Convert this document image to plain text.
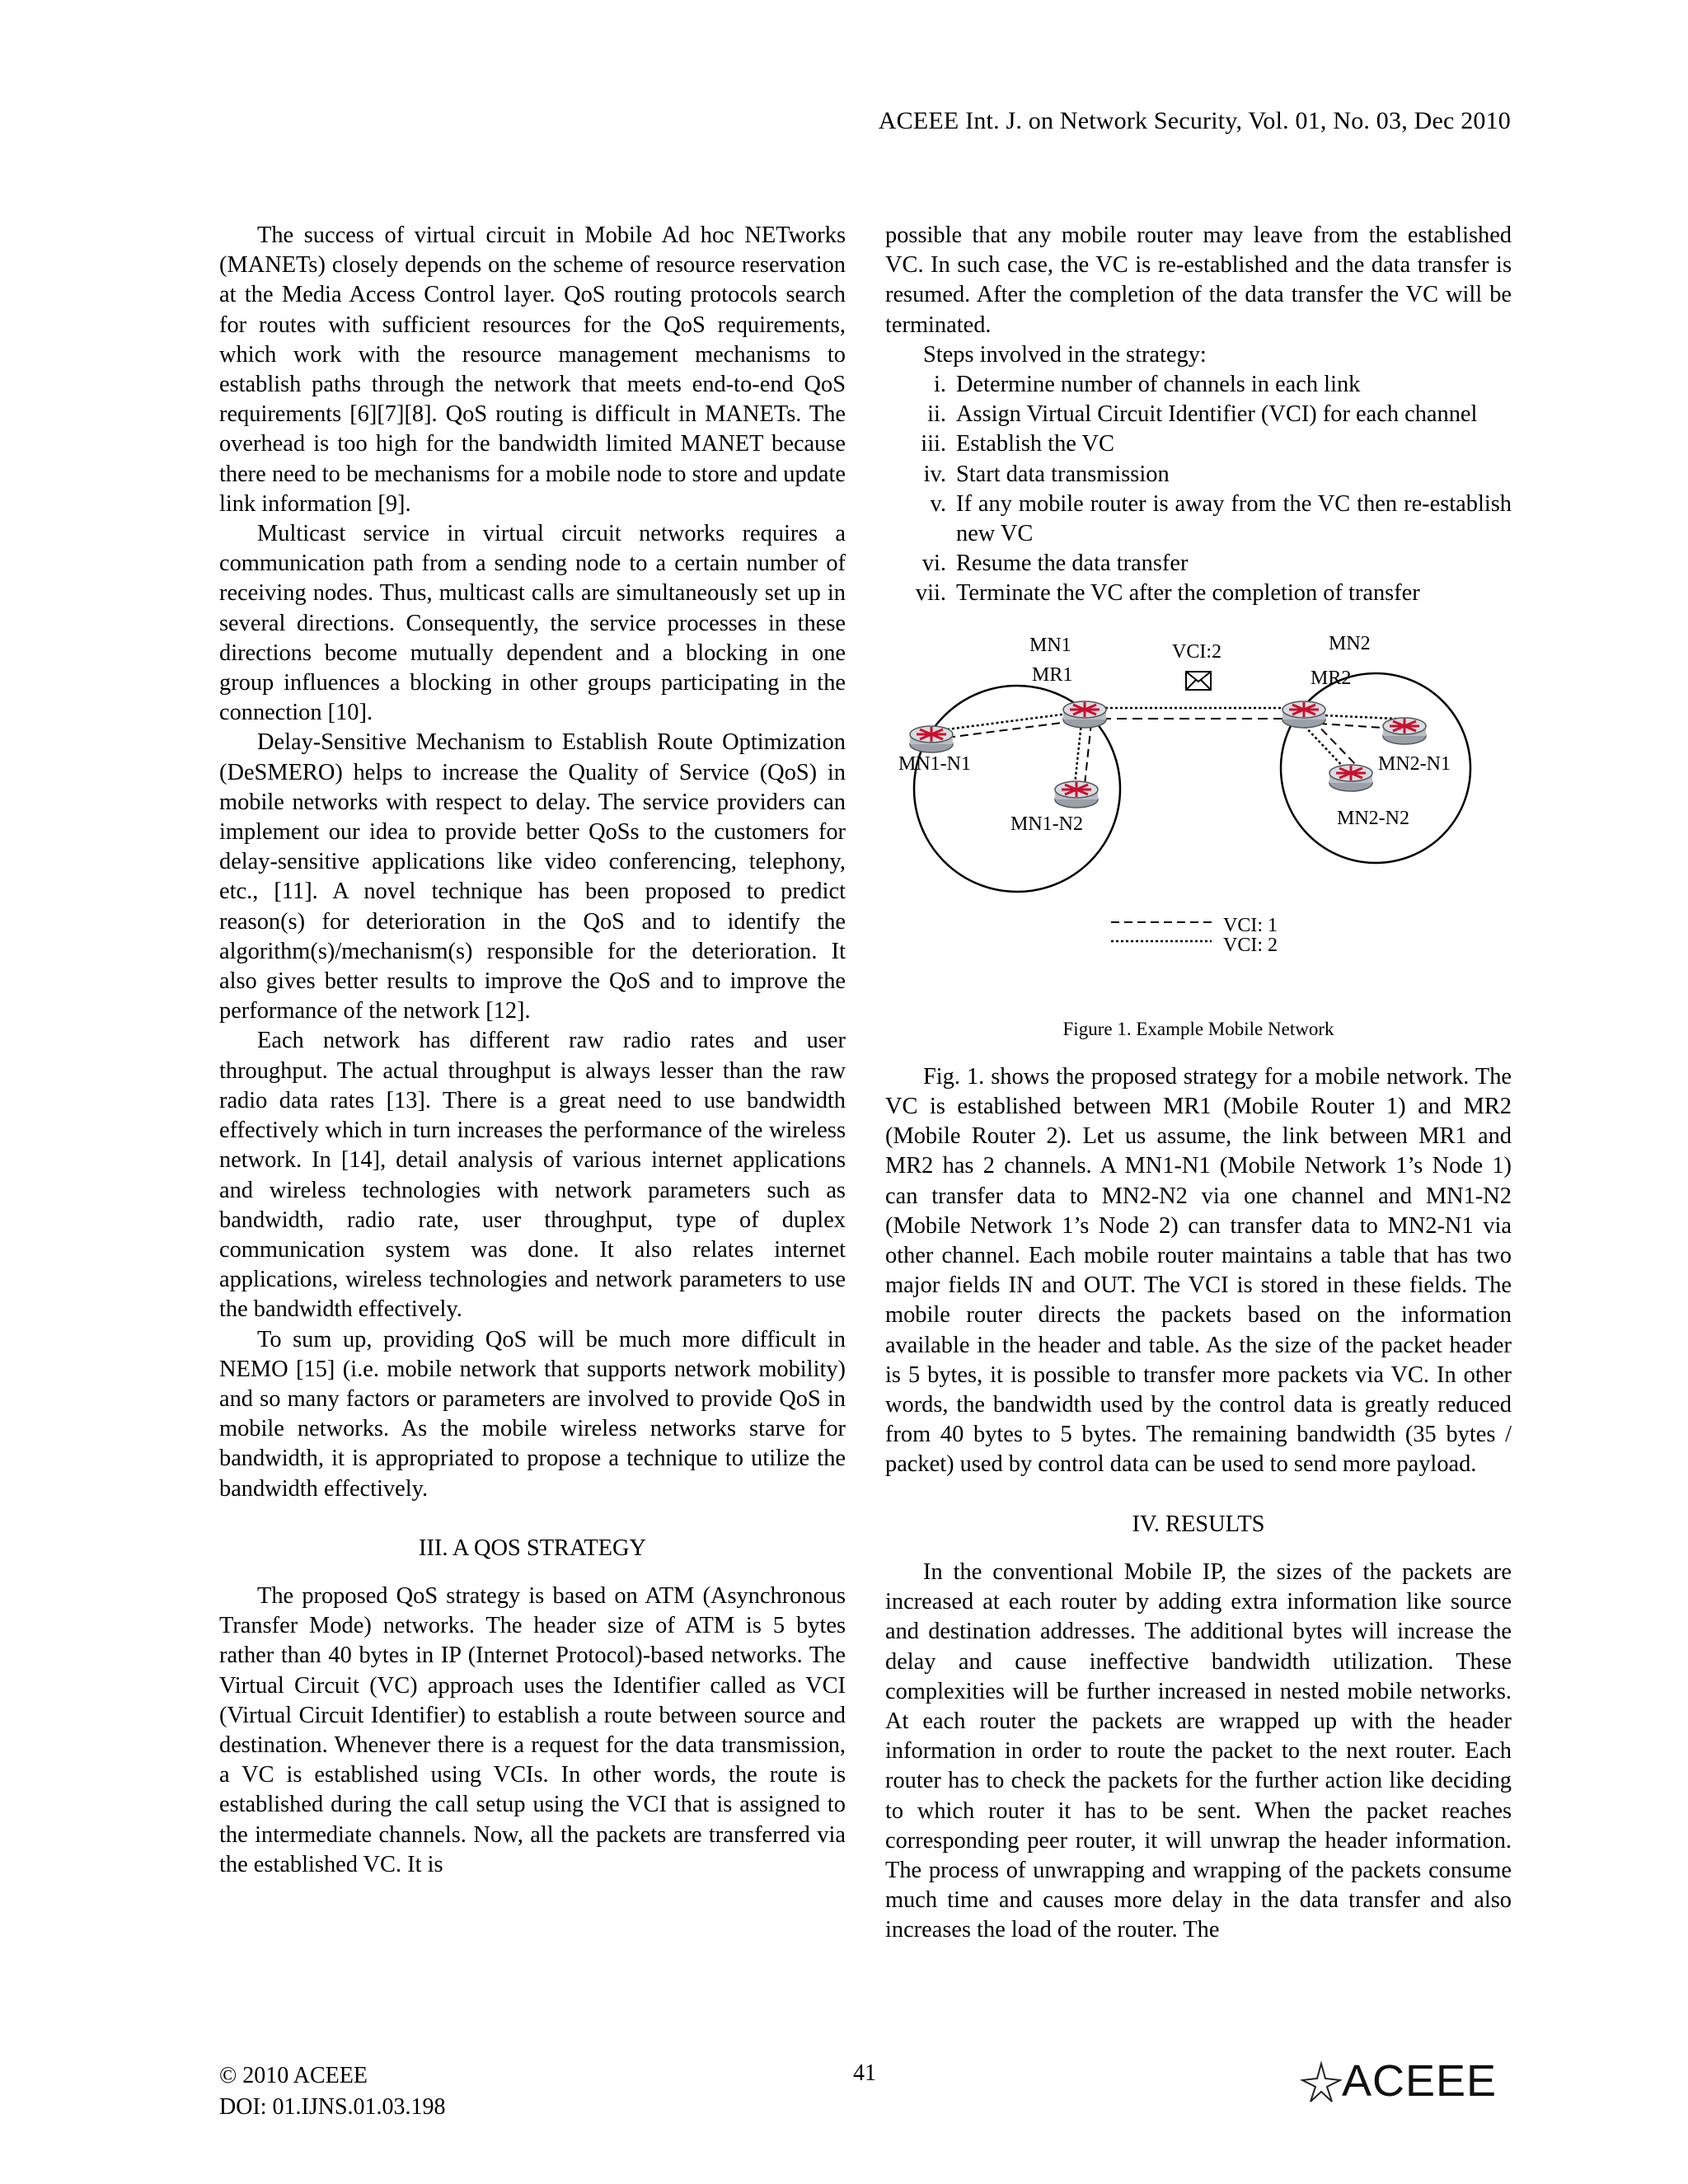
ACEEE Int. J. on Network Security, Vol. 01, No. 03, Dec 2010

The success of virtual circuit in Mobile Ad hoc NETworks (MANETs) closely depends on the scheme of resource reservation at the Media Access Control layer. QoS routing protocols search for routes with sufficient resources for the QoS requirements, which work with the resource management mechanisms to establish paths through the network that meets end-to-end QoS requirements [6][7][8]. QoS routing is difficult in MANETs. The overhead is too high for the bandwidth limited MANET because there need to be mechanisms for a mobile node to store and update link information [9].

Multicast service in virtual circuit networks requires a communication path from a sending node to a certain number of receiving nodes. Thus, multicast calls are simultaneously set up in several directions. Consequently, the service processes in these directions become mutually dependent and a blocking in one group influences a blocking in other groups participating in the connection [10].

Delay-Sensitive Mechanism to Establish Route Optimization (DeSMERO) helps to increase the Quality of Service (QoS) in mobile networks with respect to delay. The service providers can implement our idea to provide better QoSs to the customers for delay-sensitive applications like video conferencing, telephony, etc., [11]. A novel technique has been proposed to predict reason(s) for deterioration in the QoS and to identify the algorithm(s)/mechanism(s) responsible for the deterioration. It also gives better results to improve the QoS and to improve the performance of the network [12].

Each network has different raw radio rates and user throughput. The actual throughput is always lesser than the raw radio data rates [13]. There is a great need to use bandwidth effectively which in turn increases the performance of the wireless network. In [14], detail analysis of various internet applications and wireless technologies with network parameters such as bandwidth, radio rate, user throughput, type of duplex communication system was done. It also relates internet applications, wireless technologies and network parameters to use the bandwidth effectively.

To sum up, providing QoS will be much more difficult in NEMO [15] (i.e. mobile network that supports network mobility) and so many factors or parameters are involved to provide QoS in mobile networks. As the mobile wireless networks starve for bandwidth, it is appropriated to propose a technique to utilize the bandwidth effectively.

III. A QOS STRATEGY

The proposed QoS strategy is based on ATM (Asynchronous Transfer Mode) networks. The header size of ATM is 5 bytes rather than 40 bytes in IP (Internet Protocol)-based networks. The Virtual Circuit (VC) approach uses the Identifier called as VCI (Virtual Circuit Identifier) to establish a route between source and destination. Whenever there is a request for the data transmission, a VC is established using VCIs. In other words, the route is established during the call setup using the VCI that is assigned to the intermediate channels. Now, all the packets are transferred via the established VC. It is

possible that any mobile router may leave from the established VC. In such case, the VC is re-established and the data transfer is resumed. After the completion of the data transfer the VC will be terminated.

Steps involved in the strategy:

i. Determine number of channels in each link
ii. Assign Virtual Circuit Identifier (VCI) for each channel
iii. Establish the VC
iv. Start data transmission
v. If any mobile router is away from the VC then re-establish new VC
vi. Resume the data transfer
vii. Terminate the VC after the completion of transfer
MN1
MR1
VCI:2	MN2
MR2
MN1-N1
MN1-N2
MN2-N1
MN2-N2
VCI: 1
VCI: 2
Figure 1. Example Mobile Network

Fig. 1. shows the proposed strategy for a mobile network. The VC is established between MR1 (Mobile Router 1) and MR2 (Mobile Router 2). Let us assume, the link between MR1 and MR2 has 2 channels. A MN1-N1 (Mobile Network 1’s Node 1) can transfer data to MN2-N2 via one channel and MN1-N2 (Mobile Network 1’s Node 2) can transfer data to MN2-N1 via other channel. Each mobile router maintains a table that has two major fields IN and OUT. The VCI is stored in these fields. The mobile router directs the packets based on the information available in the header and table. As the size of the packet header is 5 bytes, it is possible to transfer more packets via VC. In other words, the bandwidth used by the control data is greatly reduced from 40 bytes to 5 bytes. The remaining bandwidth (35 bytes / packet) used by control data can be used to send more payload.

IV. RESULTS

In the conventional Mobile IP, the sizes of the packets are increased at each router by adding extra information like source and destination addresses. The additional bytes will increase the delay and cause ineffective bandwidth utilization. These complexities will be further increased in nested mobile networks. At each router the packets are wrapped up with the header information in order to route the packet to the next router. Each router has to check the packets for the further action like deciding to which router it has to be sent. When the packet reaches corresponding peer router, it will unwrap the header information. The process of unwrapping and wrapping of the packets consume much time and causes more delay in the data transfer and also increases the load of the router. The

© 2010 ACEEE
DOI: 01.IJNS.01.03.198
41	ACEEE
